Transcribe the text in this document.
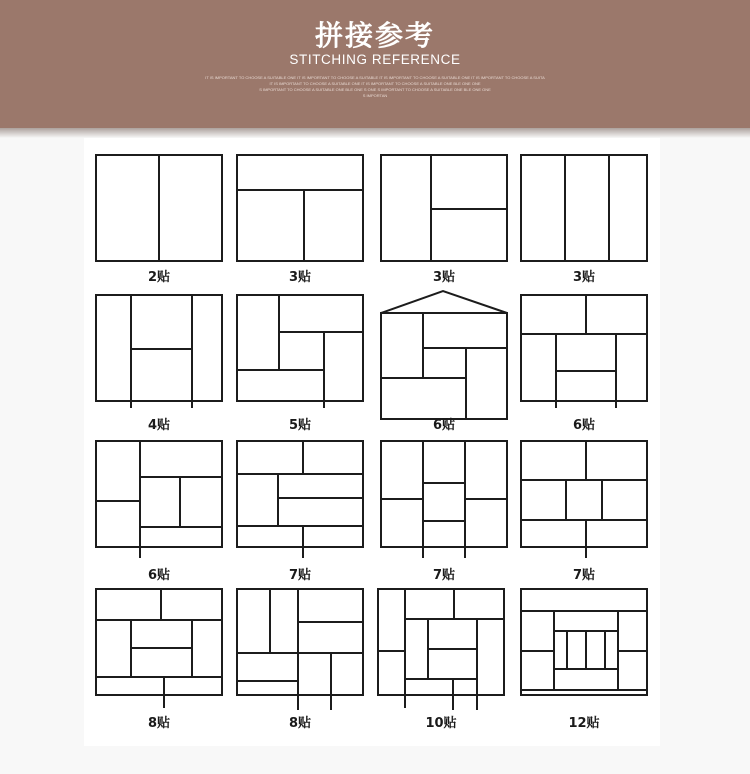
拼接参考
STITCHING REFERENCE
IT IS IMPORTANT TO CHOOSE A SUITABLE ONE IT IS IMPORTANT TO CHOOSE A SUITABLE IT IS IMPORTANT TO CHOOSE A SUITABLE ONE IT IS IMPORTANT TO CHOOSE A SUITA
IT IS IMPORTANT TO CHOOSE A SUITABLE ONE IT IS IMPORTANT TO CHOOSE A SUITABLE ONE BLE ONE ONE
S IMPORTANT TO CHOOSE A SUITABLE ONE BLE ONE S ONE S IMPORTANT TO CHOOSE A SUITABLE ONE BLE ONE ONE
S IMPORTAN
2贴	3贴	3贴	3贴
4贴	5贴	6贴	6贴
6贴	7贴	7贴	7贴
8贴	8贴	10贴	12贴
